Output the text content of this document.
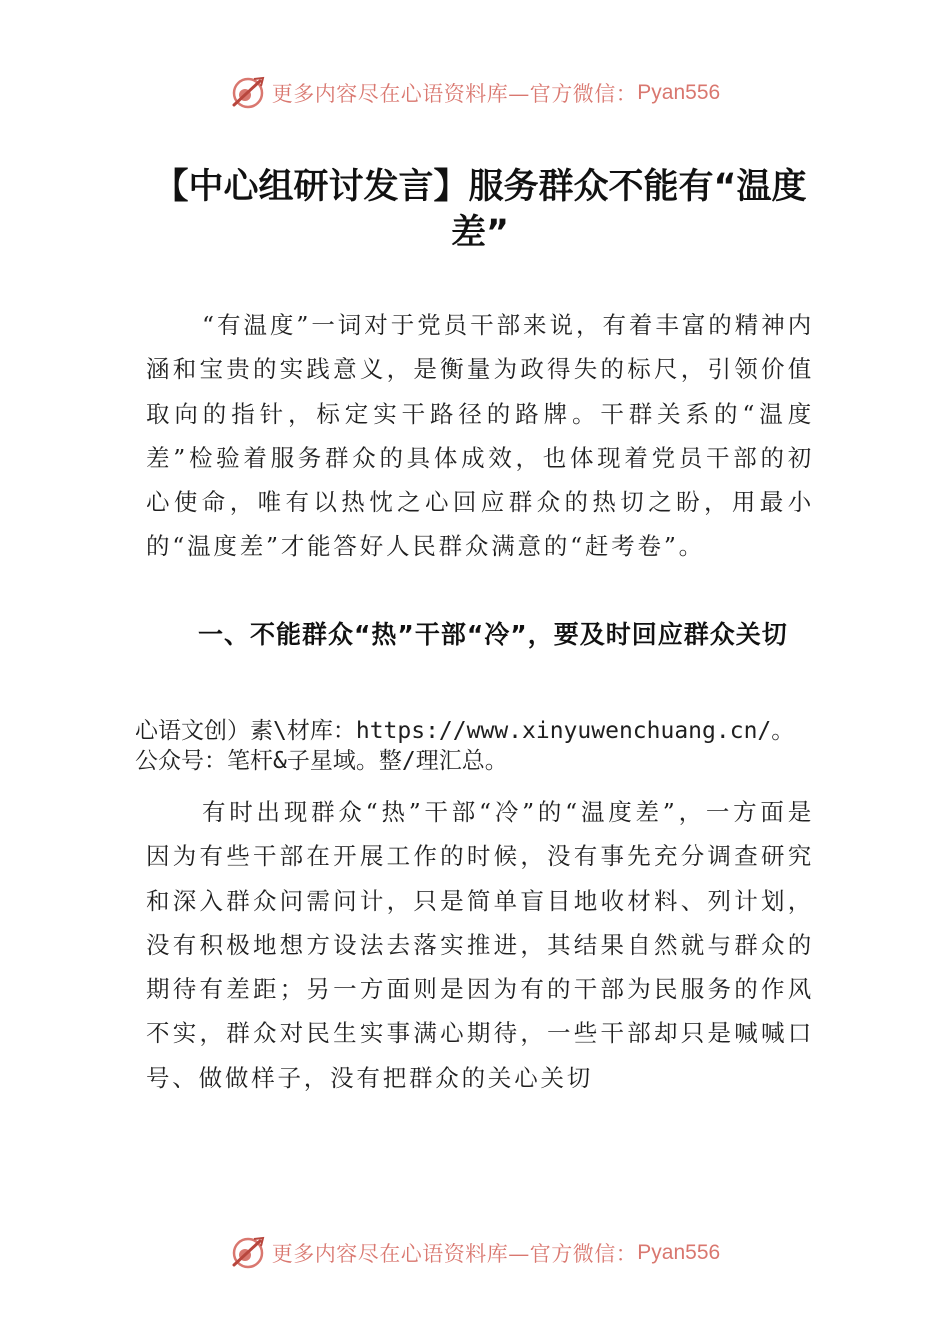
更多内容尽在心语资料库—官方微信： Pyan556
【中心组研讨发言】服务群众不能有“温度差”

“有温度”一词对于党员干部来说，有着丰富的精神内涵和宝贵的实践意义，是衡量为政得失的标尺，引领价值取向的指针，标定实干路径的路牌。干群关系的“温度差”检验着服务群众的具体成效，也体现着党员干部的初心使命，唯有以热忱之心回应群众的热切之盼，用最小的“温度差”才能答好人民群众满意的“赶考卷”。

一、不能群众“热”干部“冷”，要及时回应群众关切

心语文创）素\材库：https://www.xinyuwenchuang.cn/。

公众号：笔杆&子星域。整/理汇总。

有时出现群众“热”干部“冷”的“温度差”，一方面是因为有些干部在开展工作的时候，没有事先充分调查研究和深入群众问需问计，只是简单盲目地收材料、列计划，没有积极地想方设法去落实推进，其结果自然就与群众的期待有差距；另一方面则是因为有的干部为民服务的作风不实，群众对民生实事满心期待，一些干部却只是喊喊口号、做做样子，没有把群众的关心关切

更多内容尽在心语资料库—官方微信： Pyan556
